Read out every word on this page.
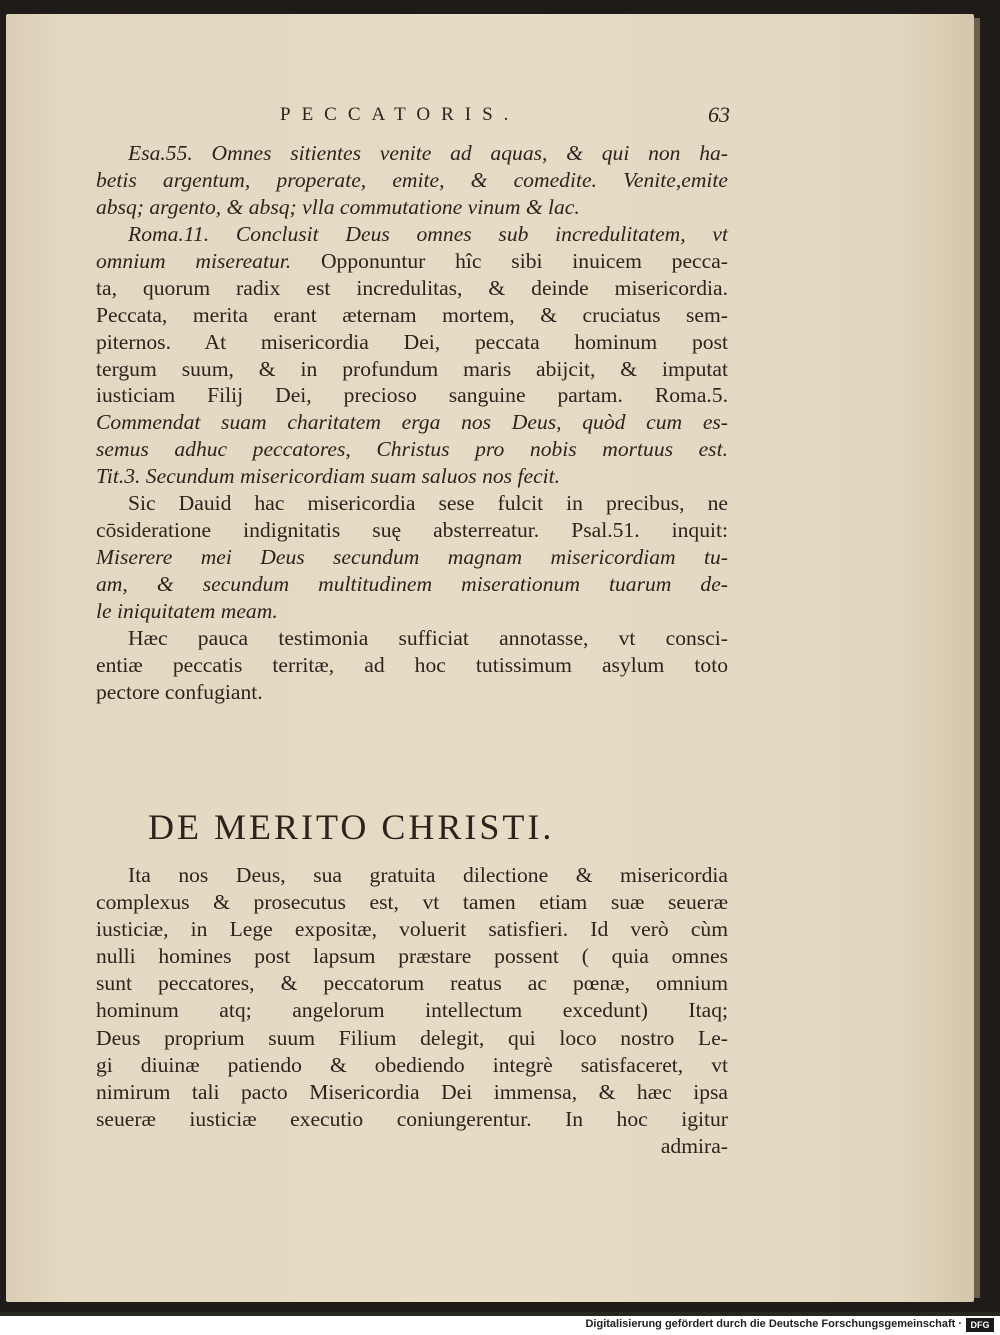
PECCATORIS.	63
Esa.55. Omnes sitientes venite ad aquas, & qui non ha-
betis argentum, properate, emite, & comedite. Venite,emite
absq; argento, & absq; vlla commutatione vinum & lac.
Roma.11. Conclusit Deus omnes sub incredulitatem, vt
omnium misereatur. Opponuntur hîc sibi inuicem pecca-
ta, quorum radix est incredulitas, & deinde misericordia.
Peccata, merita erant æternam mortem, & cruciatus sem-
piternos. At misericordia Dei, peccata hominum post
tergum suum, & in profundum maris abijcit, & imputat
iusticiam Filij Dei, precioso sanguine partam. Roma.5.
Commendat suam charitatem erga nos Deus, quòd cum es-
semus adhuc peccatores, Christus pro nobis mortuus est.
Tit.3. Secundum misericordiam suam saluos nos fecit.
Sic Dauid hac misericordia sese fulcit in precibus, ne
cōsideratione indignitatis suę absterreatur. Psal.51. inquit:
Miserere mei Deus secundum magnam misericordiam tu-
am, & secundum multitudinem miserationum tuarum de-
le iniquitatem meam.
Hæc pauca testimonia sufficiat annotasse, vt consci-
entiæ peccatis territæ, ad hoc tutissimum asylum toto
pectore confugiant.
DE MERITO CHRISTI.
Ita nos Deus, sua gratuita dilectione & misericordia
complexus & prosecutus est, vt tamen etiam suæ seueræ
iusticiæ, in Lege expositæ, voluerit satisfieri. Id verò cùm
nulli homines post lapsum præstare possent ( quia omnes
sunt peccatores, & peccatorum reatus ac pœnæ, omnium
hominum atq; angelorum intellectum excedunt) Itaq;
Deus proprium suum Filium delegit, qui loco nostro Le-
gi diuinæ patiendo & obediendo integrè satisfaceret, vt
nimirum tali pacto Misericordia Dei immensa, & hæc ipsa
seueræ iusticiæ executio coniungerentur. In hoc igitur
admira-
Digitalisierung gefördert durch die Deutsche Forschungsgemeinschaft · DFG
